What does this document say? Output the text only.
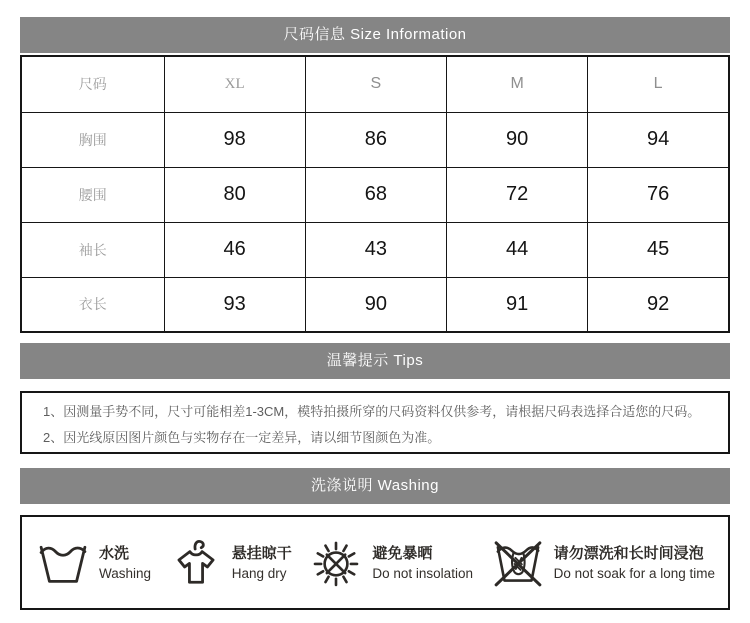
尺码信息 Size Information
尺码	XL	S	M	L
胸围	98	86	90	94
腰围	80	68	72	76
袖长	46	43	44	45
衣长	93	90	91	92
温馨提示 Tips
1、因测量手势不同，尺寸可能相差1-3CM，模特拍摄所穿的尺码资料仅供参考，请根据尺码表选择合适您的尺码。
2、因光线原因图片颜色与实物存在一定差异，请以细节图颜色为准。
洗涤说明 Washing
水洗
Washing
悬挂晾干
Hang dry
避免暴晒
Do not insolation
请勿漂洗和长时间浸泡
Do not soak for a long time
